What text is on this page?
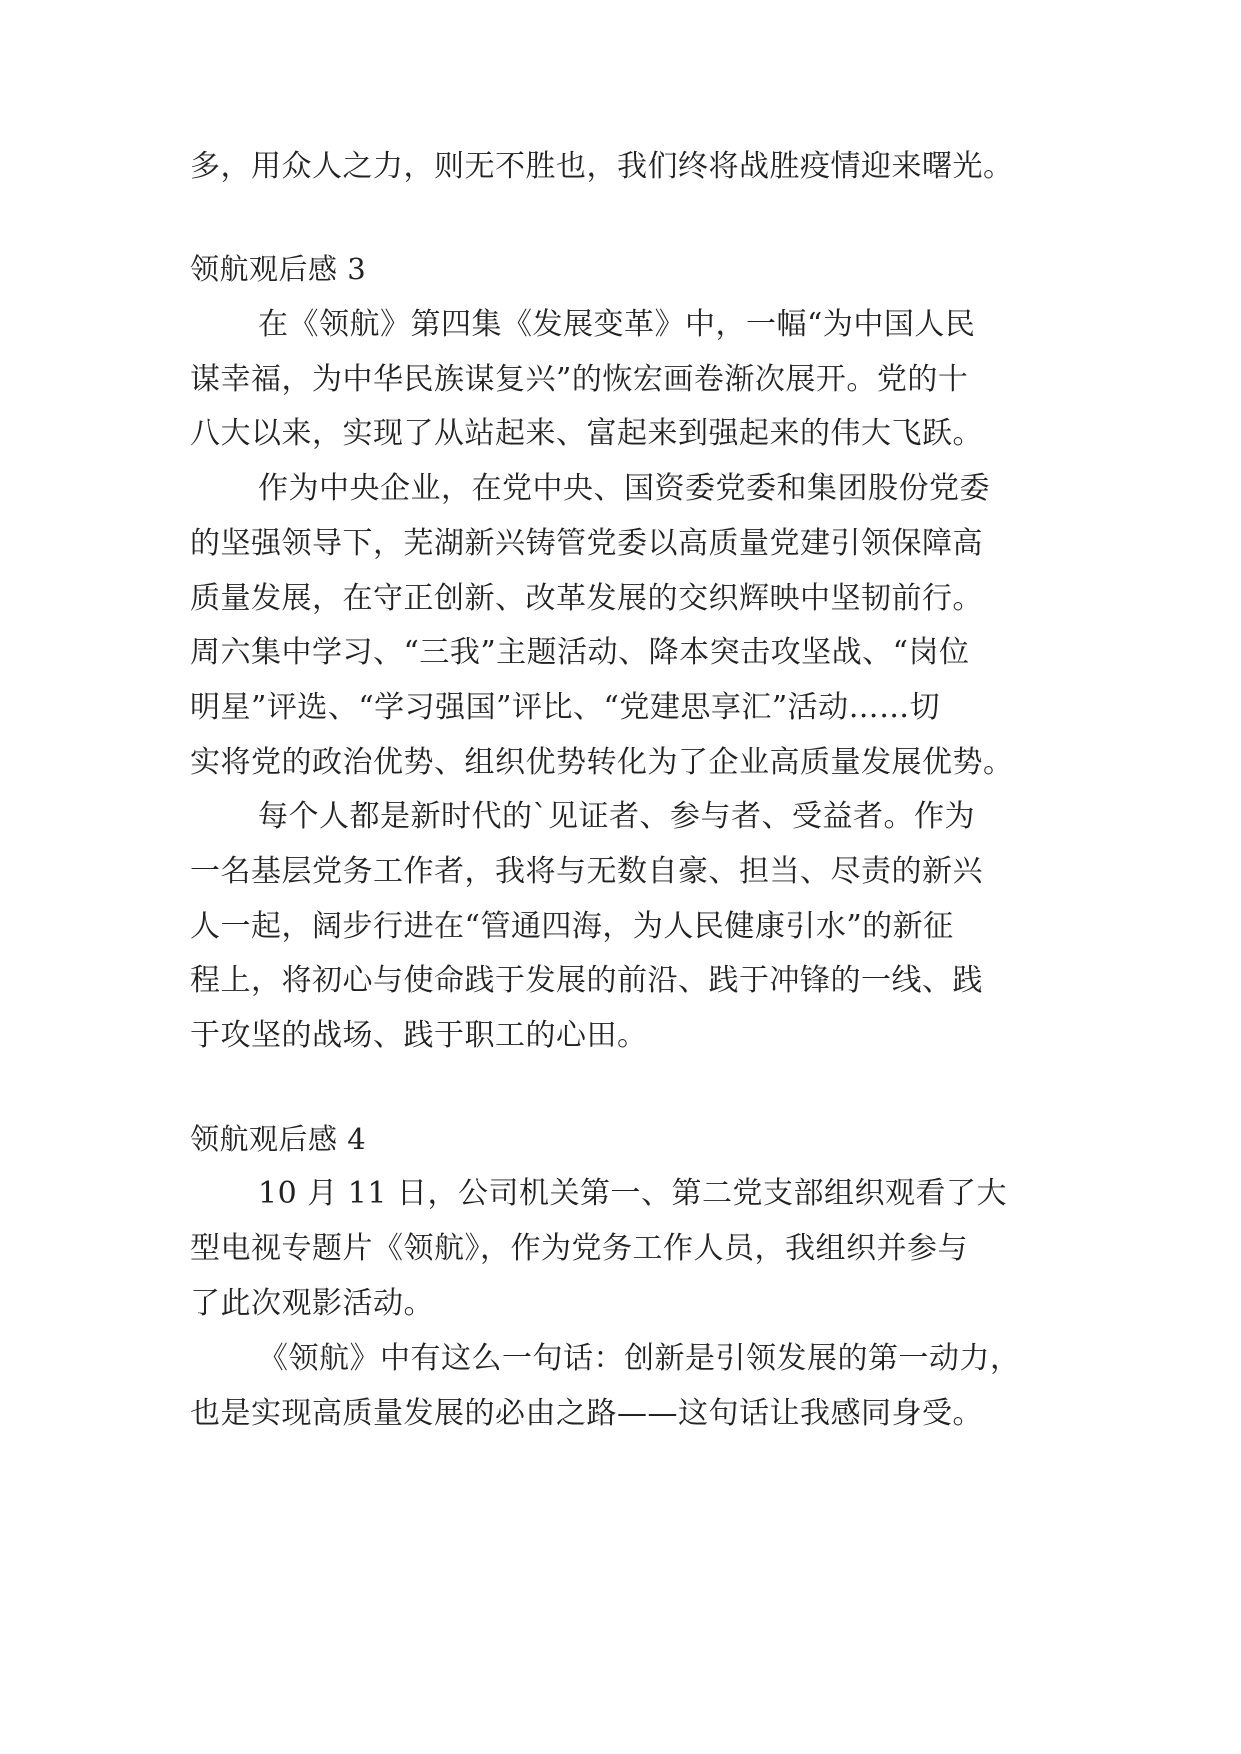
多，用众人之力，则无不胜也，我们终将战胜疫情迎来曙光。
领航观后感 3
在《领航》第四集《发展变革》中，一幅“为中国人民
谋幸福，为中华民族谋复兴”的恢宏画卷渐次展开。党的十
八大以来，实现了从站起来、富起来到强起来的伟大飞跃。
作为中央企业，在党中央、国资委党委和集团股份党委
的坚强领导下，芜湖新兴铸管党委以高质量党建引领保障高
质量发展，在守正创新、改革发展的交织辉映中坚韧前行。
周六集中学习、“三我”主题活动、降本突击攻坚战、“岗位
明星”评选、“学习强国”评比、“党建思享汇”活动……切
实将党的政治优势、组织优势转化为了企业高质量发展优势。
每个人都是新时代的`见证者、参与者、受益者。作为
一名基层党务工作者，我将与无数自豪、担当、尽责的新兴
人一起，阔步行进在“管通四海，为人民健康引水”的新征
程上，将初心与使命践于发展的前沿、践于冲锋的一线、践
于攻坚的战场、践于职工的心田。
领航观后感 4
10 月 11 日，公司机关第一、第二党支部组织观看了大
型电视专题片《领航》，作为党务工作人员，我组织并参与
了此次观影活动。
《领航》中有这么一句话：创新是引领发展的第一动力，
也是实现高质量发展的必由之路——这句话让我感同身受。
